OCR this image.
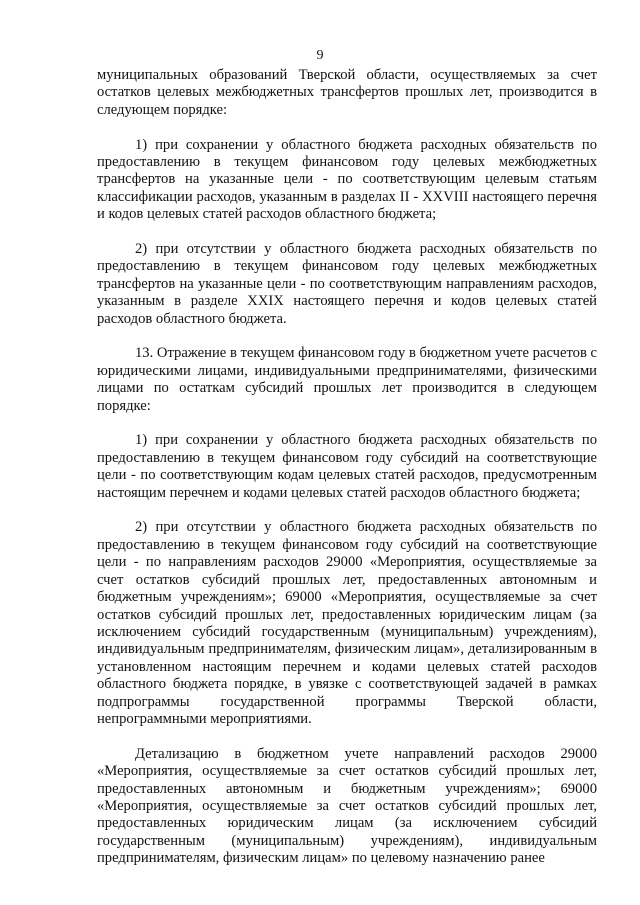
9

муниципальных образований Тверской области, осуществляемых за счет остатков целевых межбюджетных трансфертов прошлых лет, производится в следующем порядке:

1) при сохранении у областного бюджета расходных обязательств по предоставлению в текущем финансовом году целевых межбюджетных трансфертов на указанные цели - по соответствующим целевым статьям классификации расходов, указанным в разделах II - XXVIII настоящего перечня и кодов целевых статей расходов областного бюджета;

2) при отсутствии у областного бюджета расходных обязательств по предоставлению в текущем финансовом году целевых межбюджетных трансфертов на указанные цели - по соответствующим направлениям расходов, указанным в разделе XXIX настоящего перечня и кодов целевых статей расходов областного бюджета.

13. Отражение в текущем финансовом году в бюджетном учете расчетов с юридическими лицами, индивидуальными предпринимателями, физическими лицами по остаткам субсидий прошлых лет производится в следующем порядке:

1) при сохранении у областного бюджета расходных обязательств по предоставлению в текущем финансовом году субсидий на соответствующие цели - по соответствующим кодам целевых статей расходов, предусмотренным настоящим перечнем и кодами целевых статей расходов областного бюджета;

2) при отсутствии у областного бюджета расходных обязательств по предоставлению в текущем финансовом году субсидий на соответствующие цели - по направлениям расходов 29000 «Мероприятия, осуществляемые за счет остатков субсидий прошлых лет, предоставленных автономным и бюджетным учреждениям»; 69000 «Мероприятия, осуществляемые за счет остатков субсидий прошлых лет, предоставленных юридическим лицам (за исключением субсидий государственным (муниципальным) учреждениям), индивидуальным предпринимателям, физическим лицам», детализированным в установленном настоящим перечнем и кодами целевых статей расходов областного бюджета порядке, в увязке с соответствующей задачей в рамках подпрограммы государственной программы Тверской области, непрограммными мероприятиями.

Детализацию в бюджетном учете направлений расходов 29000 «Мероприятия, осуществляемые за счет остатков субсидий прошлых лет, предоставленных автономным и бюджетным учреждениям»; 69000 «Мероприятия, осуществляемые за счет остатков субсидий прошлых лет, предоставленных юридическим лицам (за исключением субсидий государственным (муниципальным) учреждениям), индивидуальным предпринимателям, физическим лицам» по целевому назначению ранее
